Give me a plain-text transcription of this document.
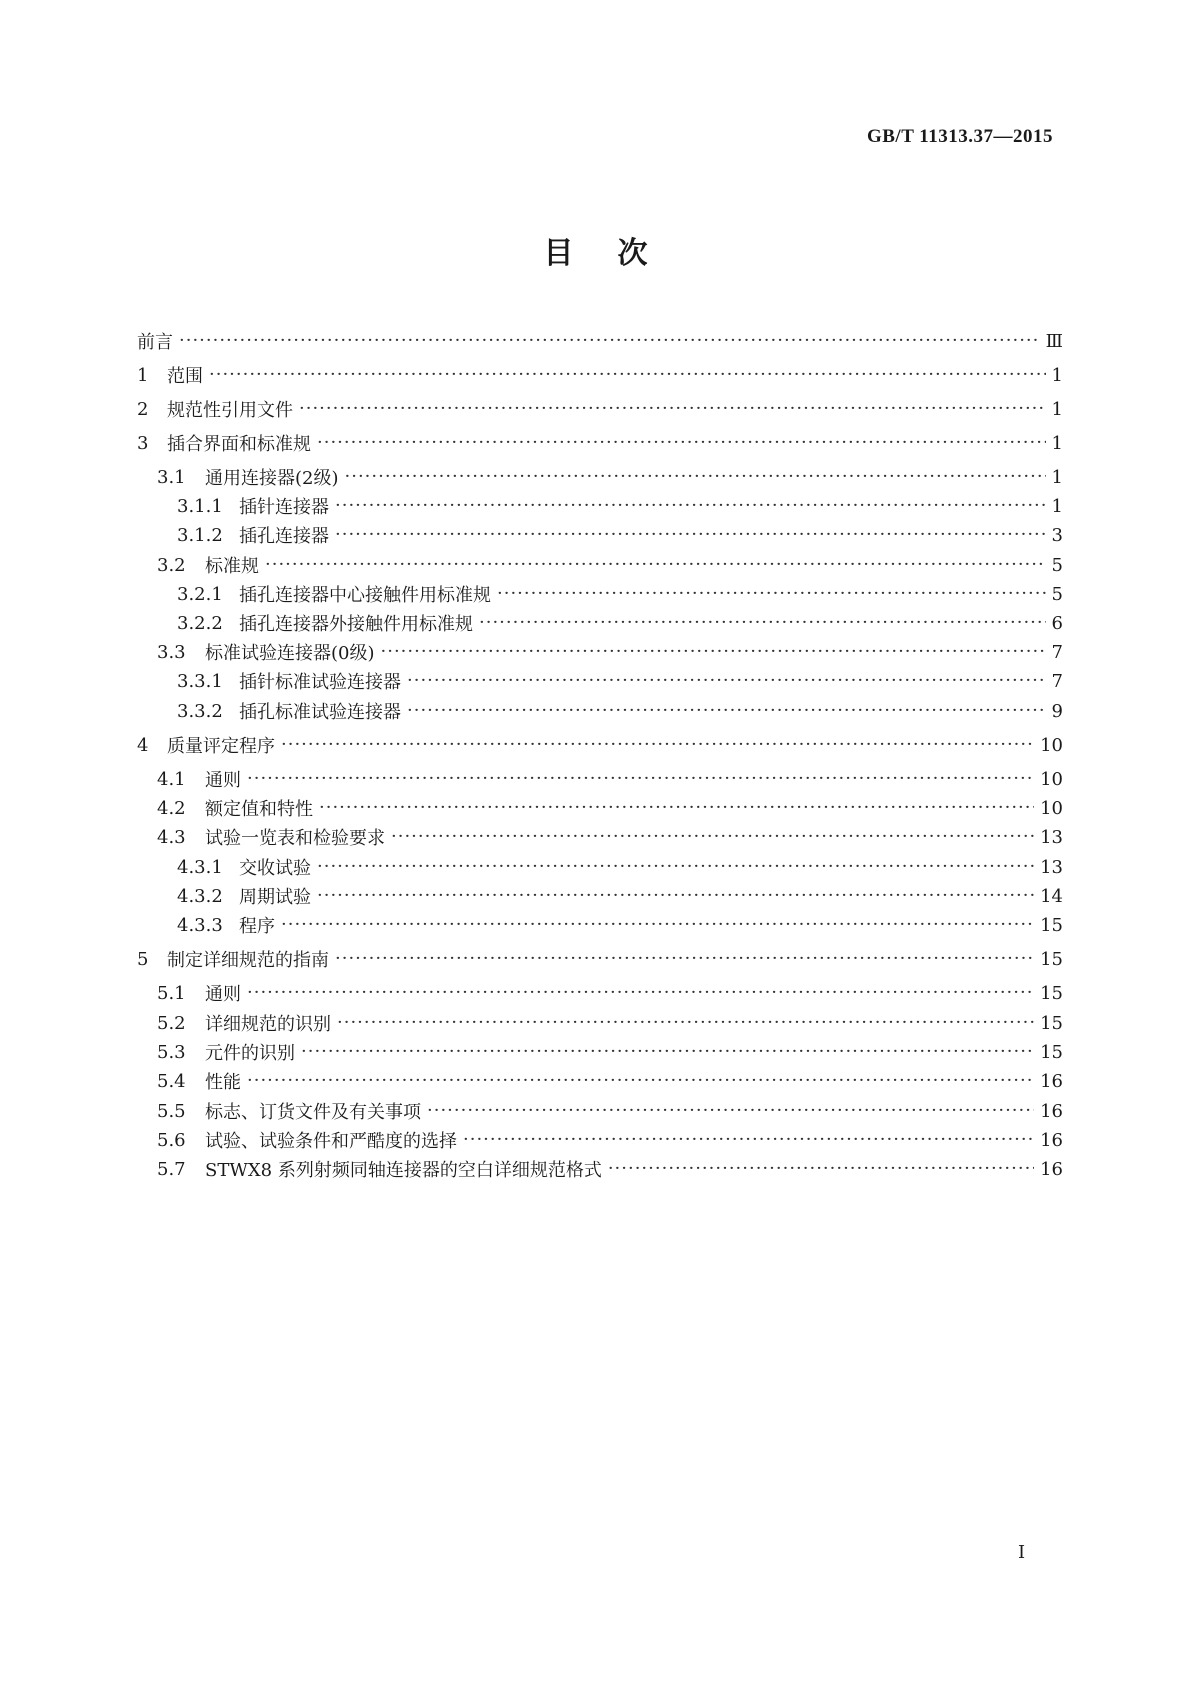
GB/T 11313.37—2015
目次
前言 ·····	Ⅲ
1	范围 ·····	1
2	规范性引用文件 ·····	1
3	插合界面和标准规 ·····	1
3.1	通用连接器(2级) ·····	1
3.1.1 插针连接器 ·····	1
3.1.2 插孔连接器 ·····	3
3.2	标准规 ·····	5
3.2.1 插孔连接器中心接触件用标准规 ·····	5
3.2.2 插孔连接器外接触件用标准规 ·····	6
3.3	标准试验连接器(0级) ·····	7
3.3.1 插针标准试验连接器 ·····	7
3.3.2 插孔标准试验连接器 ·····	9
4	质量评定程序 ·····	10
4.1	通则 ·····	10
4.2	额定值和特性 ·····	10
4.3	试验一览表和检验要求 ·····	13
4.3.1 交收试验 ·····	13
4.3.2 周期试验 ·····	14
4.3.3 程序 ·····	15
5	制定详细规范的指南 ·····	15
5.1	通则 ·····	15
5.2	详细规范的识别 ·····	15
5.3	元件的识别 ·····	15
5.4	性能 ·····	16
5.5	标志、订货文件及有关事项 ·····	16
5.6	试验、试验条件和严酷度的选择 ·····	16
5.7	STWX8 系列射频同轴连接器的空白详细规范格式 ·····	16
I
